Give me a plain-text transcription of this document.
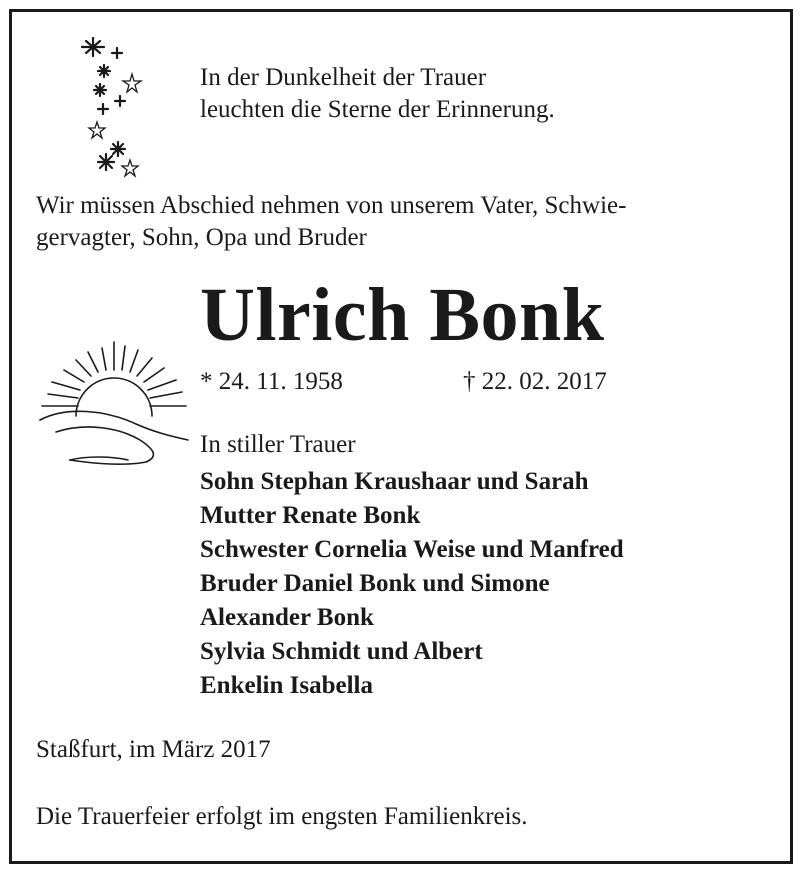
In der Dunkelheit der Trauer
leuchten die Sterne der Erinnerung.
Wir müssen Abschied nehmen von unserem Vater, Schwie-
gervagter, Sohn, Opa und Bruder
Ulrich Bonk
* 24. 11. 1958	† 22. 02. 2017
In stiller Trauer
Sohn Stephan Kraushaar und Sarah
Mutter Renate Bonk
Schwester Cornelia Weise und Manfred
Bruder Daniel Bonk und Simone
Alexander Bonk
Sylvia Schmidt und Albert
Enkelin Isabella
Staßfurt, im März 2017
Die Trauerfeier erfolgt im engsten Familienkreis.
